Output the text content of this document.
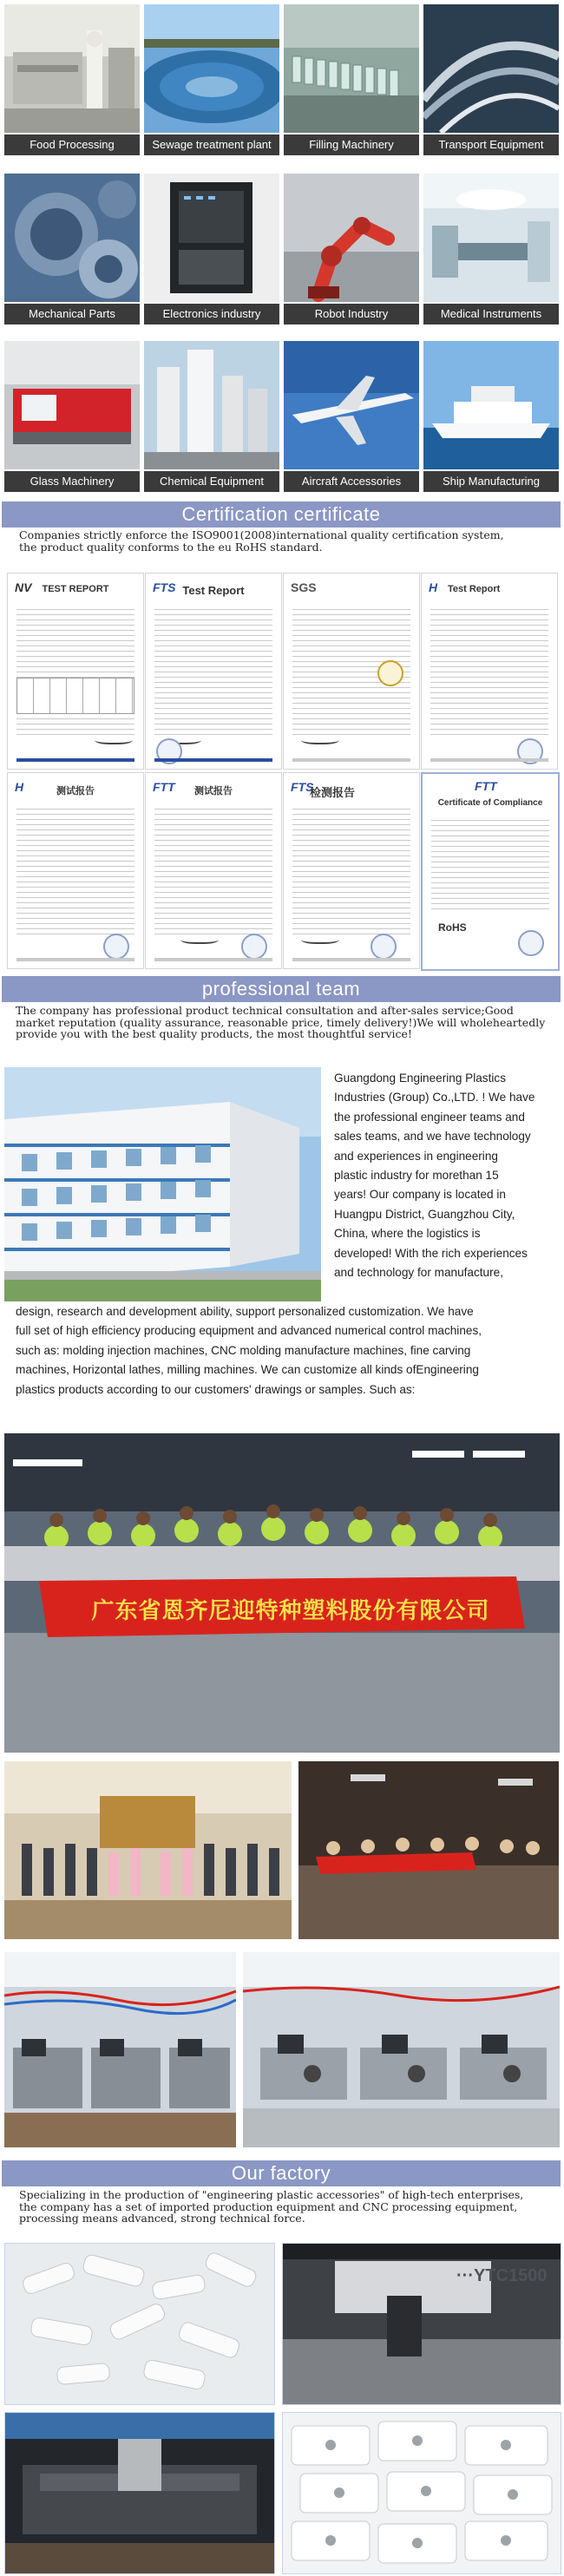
Food Processing	Sewage treatment plant	Filling Machinery	Transport Equipment
Mechanical Parts	Electronics industry	Robot Industry	Medical Instruments
Glass Machinery	Chemical Equipment	Aircraft Accessories	Ship Manufacturing
Certification certificate
Companies strictly enforce the ISO9001(2008)international quality certification system,
the product quality conforms to the eu RoHS standard.
NV	TEST REPORT	FTS Test Report	SGS	H Test Report
H	测试报告	FTT	测试报告	FTS
检测报告	FTT
Certificate of Compliance
RoHS
professional team
The company has professional product technical consultation and after-sales service;Good
market reputation (quality assurance, reasonable price, timely delivery!)We will wholeheartedly
provide you with the best quality products, the most thoughtful service!
Guangdong Engineering Plastics
Industries (Group) Co.,LTD. ! We have
the professional engineer teams and
sales teams, and we have technology
and experiences in engineering
plastic industry for morethan 15
years! Our company is located in
Huangpu District, Guangzhou City,
China, where the logistics is
developed! With the rich experiences
and technology for manufacture,
design, research and development ability, support personalized customization. We have
full set of high efficiency producing equipment and advanced numerical control machines,
such as: molding injection machines, CNC molding manufacture machines, fine carving
machines, Horizontal lathes, milling machines. We can customize all kinds ofEngineering
plastics products according to our customers' drawings or samples. Such as:
广东省恩齐尼迎特种塑料股份有限公司
Our factory
Specializing in the production of "engineering plastic accessories" of high-tech enterprises,
the company has a set of imported production equipment and CNC processing equipment,
processing means advanced, strong technical force.
···YTC1500
